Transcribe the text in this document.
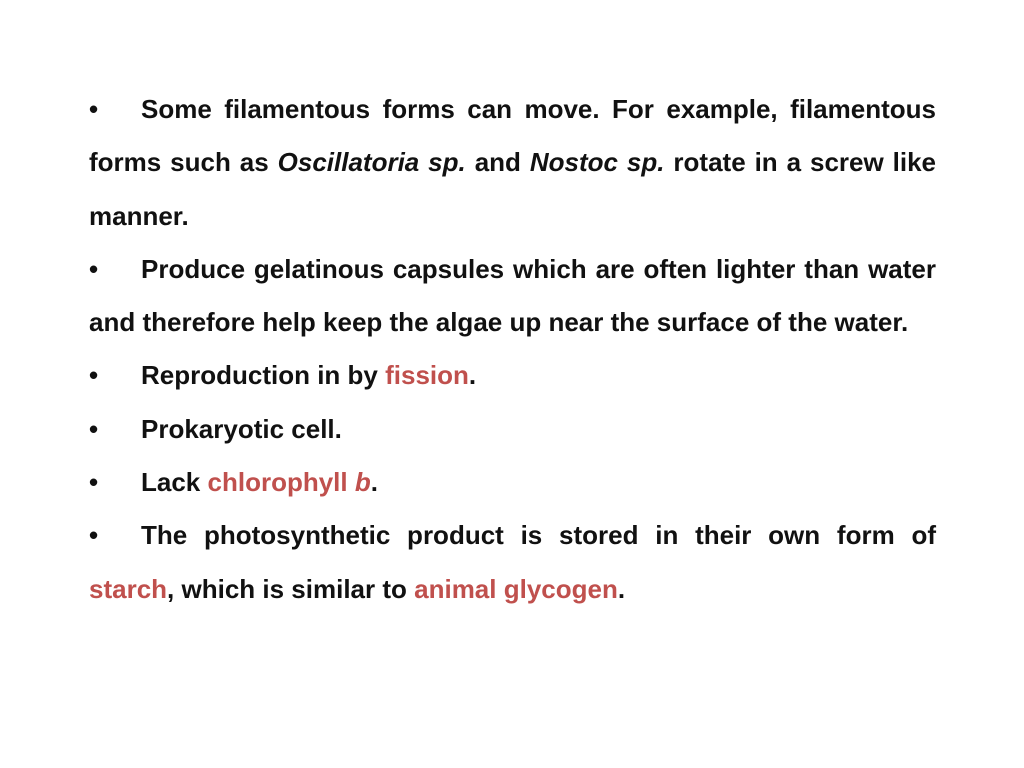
• Some filamentous forms can move. For example, filamentous forms such as Oscillatoria sp. and Nostoc sp. rotate in a screw like manner.

• Produce gelatinous capsules which are often lighter than water and therefore help keep the algae up near the surface of the water.

• Reproduction in by fission.

• Prokaryotic cell.

• Lack chlorophyll b.

• The photosynthetic product is stored in their own form of starch, which is similar to animal glycogen.
